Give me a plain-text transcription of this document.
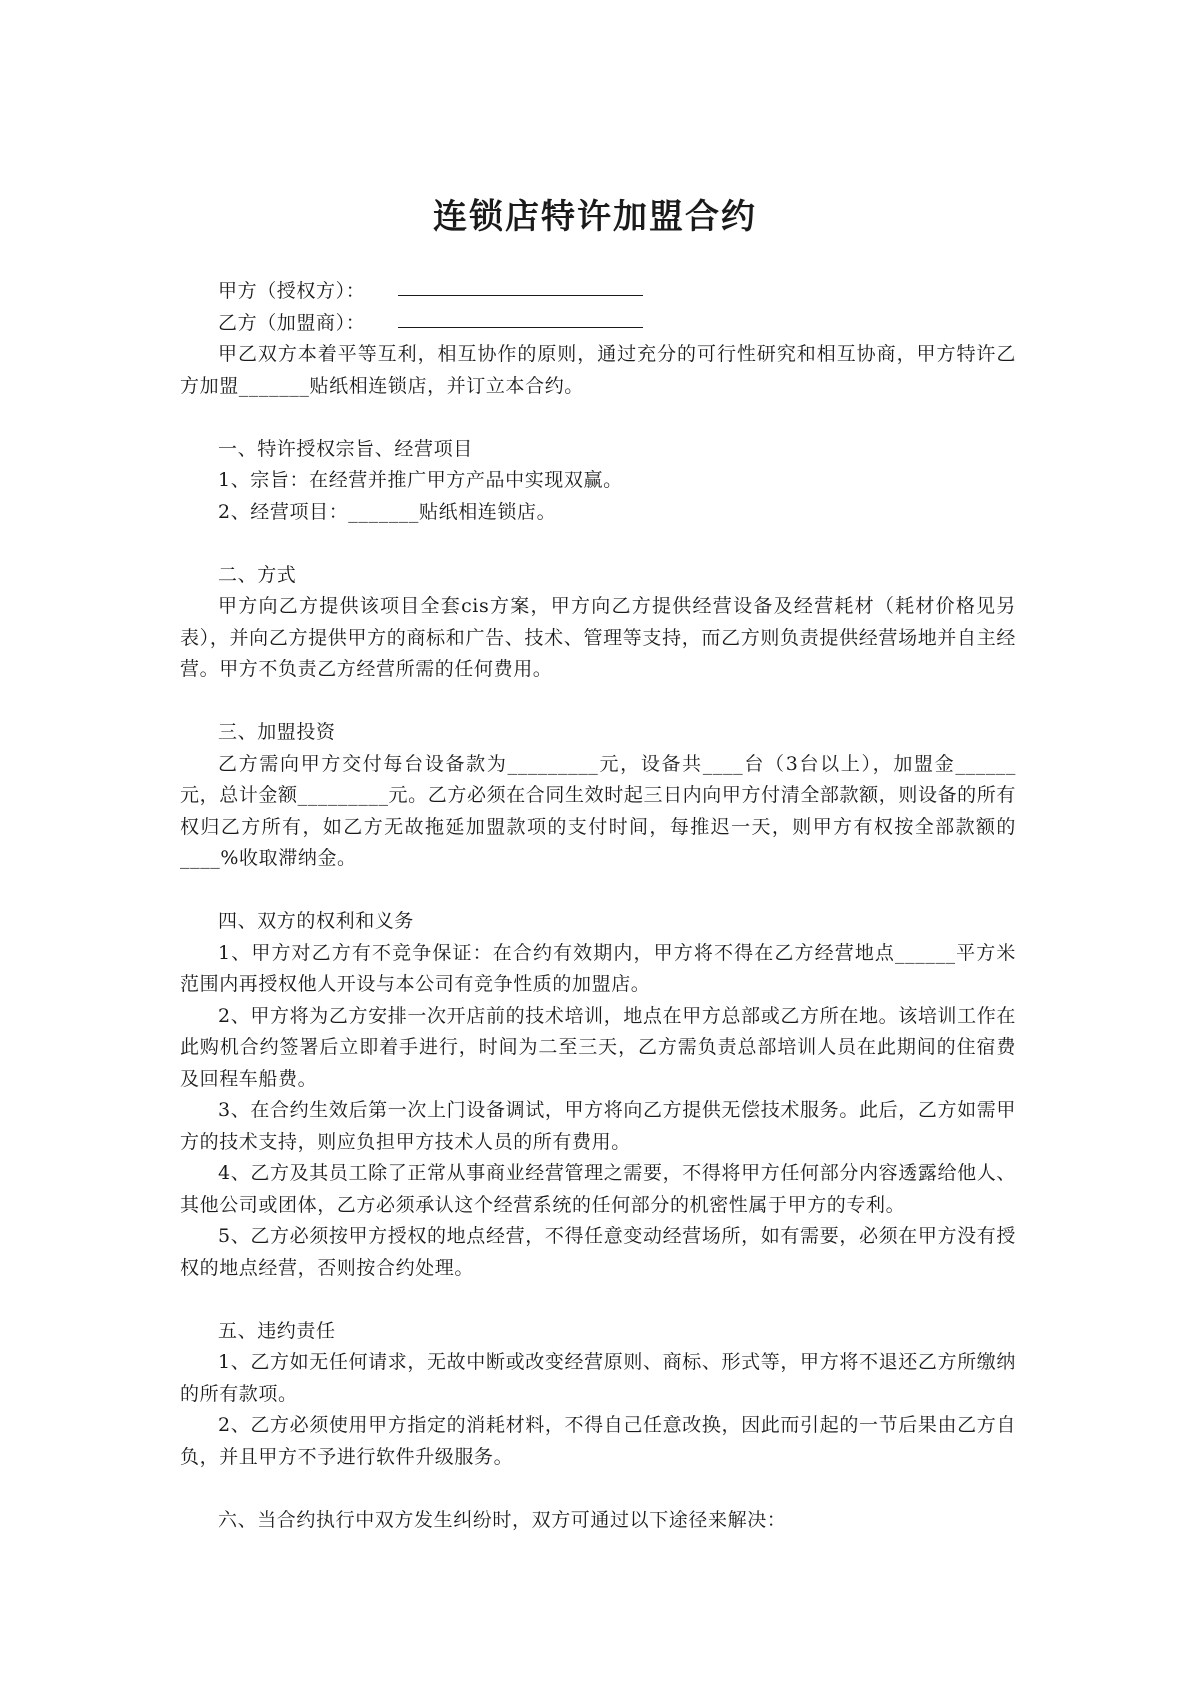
连锁店特许加盟合约
甲方（授权方）：
乙方（加盟商）：

甲乙双方本着平等互利，相互协作的原则，通过充分的可行性研究和相互协商，甲方特许乙方加盟_______贴纸相连锁店，并订立本合约。

一、特许授权宗旨、经营项目

1、宗旨：在经营并推广甲方产品中实现双赢。

2、经营项目：_______贴纸相连锁店。

二、方式

甲方向乙方提供该项目全套cis方案，甲方向乙方提供经营设备及经营耗材（耗材价格见另表），并向乙方提供甲方的商标和广告、技术、管理等支持，而乙方则负责提供经营场地并自主经营。甲方不负责乙方经营所需的任何费用。

三、加盟投资

乙方需向甲方交付每台设备款为_________元，设备共____台（3台以上），加盟金______元，总计金额_________元。乙方必须在合同生效时起三日内向甲方付清全部款额，则设备的所有权归乙方所有，如乙方无故拖延加盟款项的支付时间，每推迟一天，则甲方有权按全部款额的____%收取滞纳金。

四、双方的权利和义务

1、甲方对乙方有不竞争保证：在合约有效期内，甲方将不得在乙方经营地点______平方米范围内再授权他人开设与本公司有竞争性质的加盟店。

2、甲方将为乙方安排一次开店前的技术培训，地点在甲方总部或乙方所在地。该培训工作在此购机合约签署后立即着手进行，时间为二至三天，乙方需负责总部培训人员在此期间的住宿费及回程车船费。

3、在合约生效后第一次上门设备调试，甲方将向乙方提供无偿技术服务。此后，乙方如需甲方的技术支持，则应负担甲方技术人员的所有费用。

4、乙方及其员工除了正常从事商业经营管理之需要，不得将甲方任何部分内容透露给他人、其他公司或团体，乙方必须承认这个经营系统的任何部分的机密性属于甲方的专利。

5、乙方必须按甲方授权的地点经营，不得任意变动经营场所，如有需要，必须在甲方没有授权的地点经营，否则按合约处理。

五、违约责任

1、乙方如无任何请求，无故中断或改变经营原则、商标、形式等，甲方将不退还乙方所缴纳的所有款项。

2、乙方必须使用甲方指定的消耗材料，不得自己任意改换，因此而引起的一节后果由乙方自负，并且甲方不予进行软件升级服务。

六、当合约执行中双方发生纠纷时，双方可通过以下途径来解决：
